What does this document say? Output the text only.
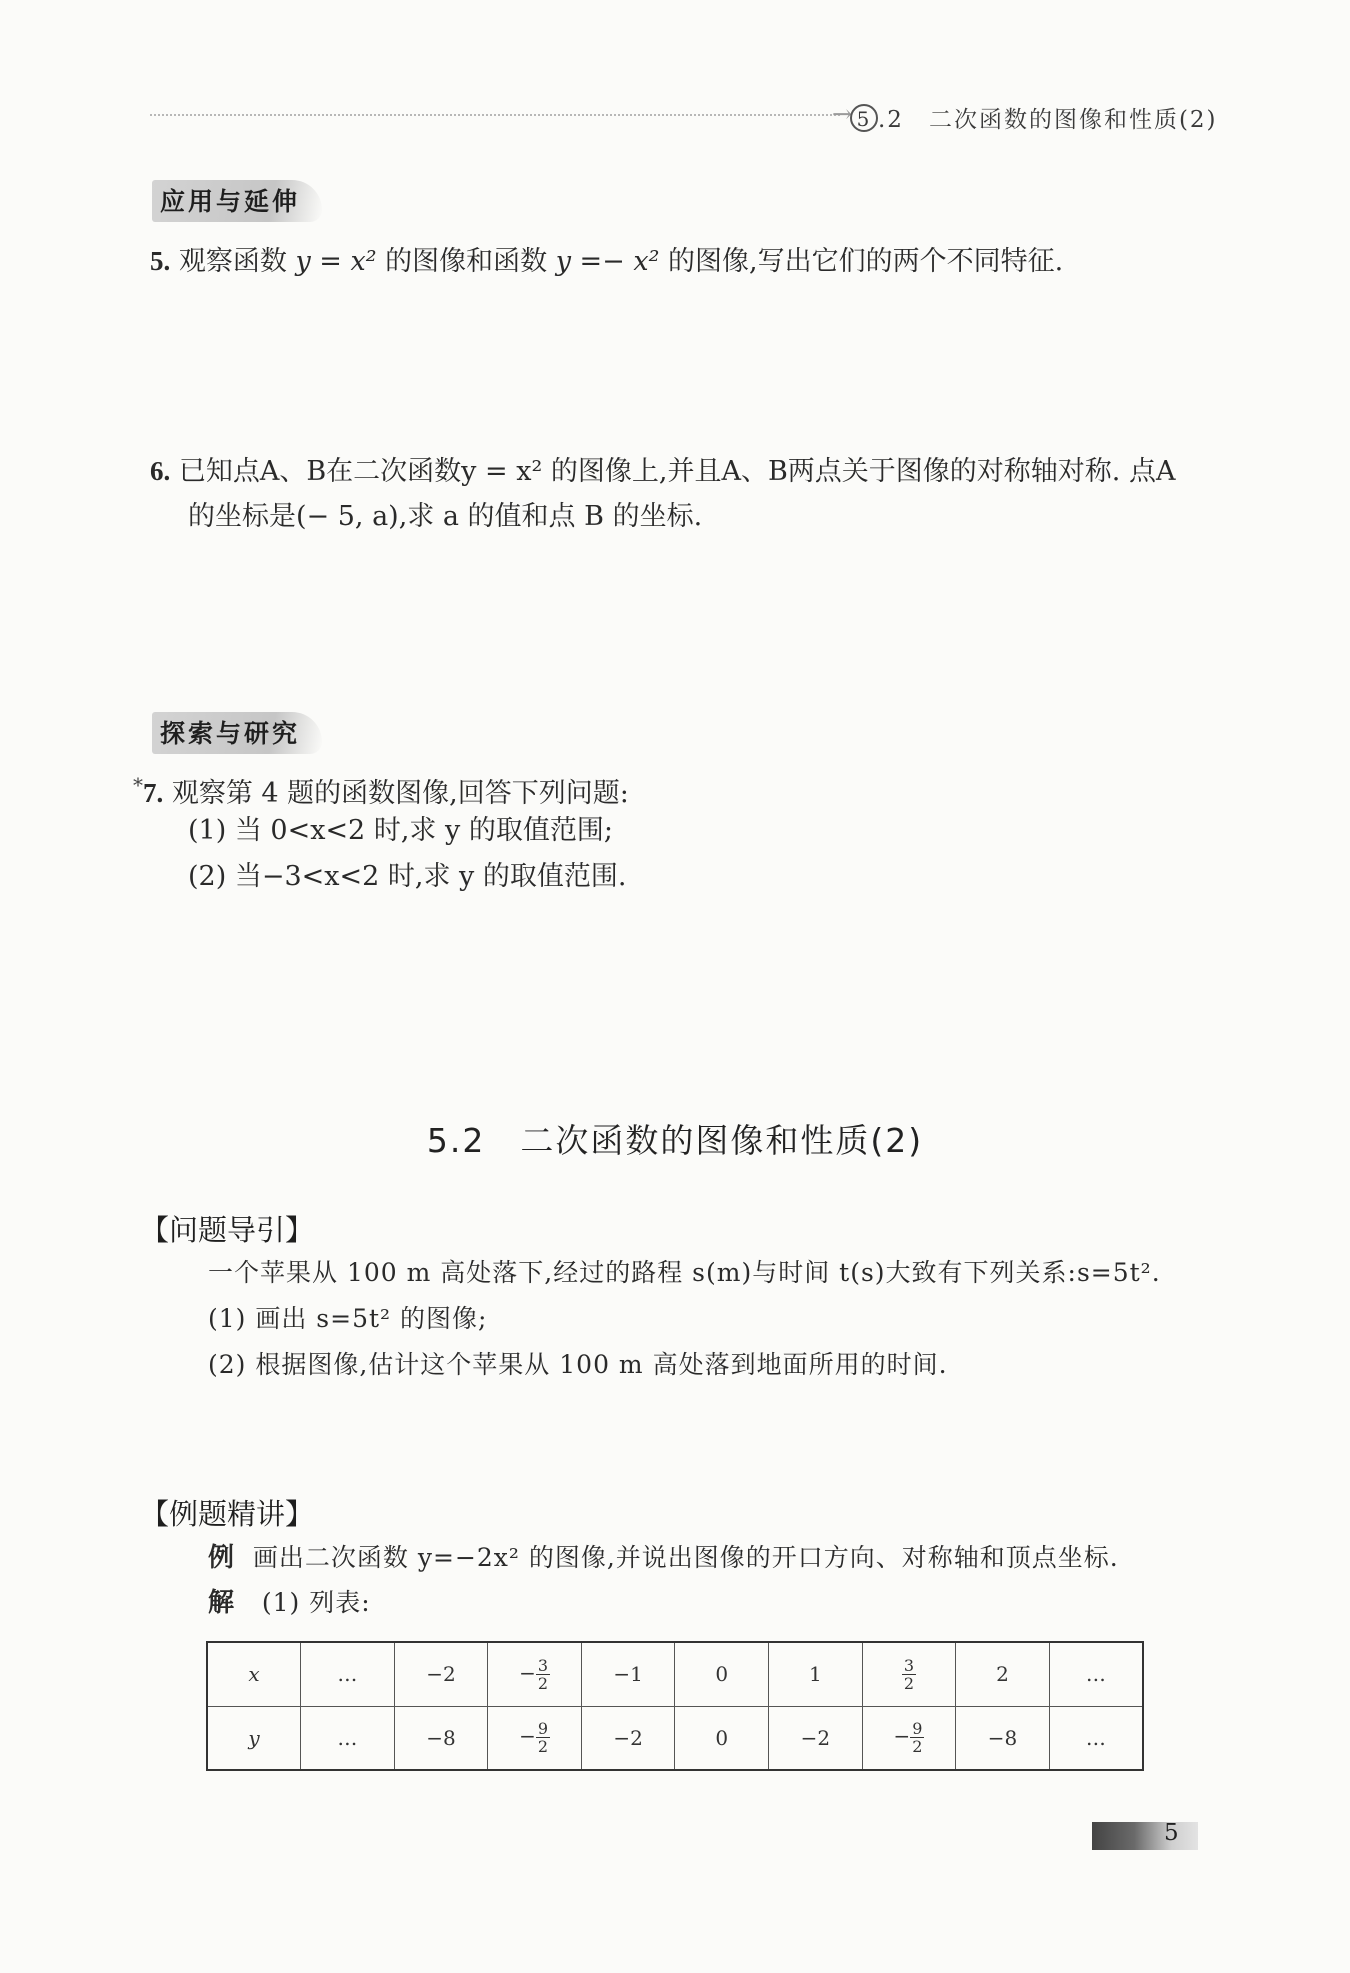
→ 5 .2　二次函数的图像和性质(2)
应用与延伸
5. 观察函数 y = x² 的图像和函数 y =− x² 的图像,写出它们的两个不同特征.
6. 已知点A、B在二次函数y = x² 的图像上,并且A、B两点关于图像的对称轴对称. 点A
的坐标是(− 5, a),求 a 的值和点 B 的坐标.
探索与研究
*7. 观察第 4 题的函数图像,回答下列问题:
(1) 当 0<x<2 时,求 y 的取值范围;
(2) 当−3<x<2 时,求 y 的取值范围.
5.2　二次函数的图像和性质(2)
【问题导引】
一个苹果从 100 m 高处落下,经过的路程 s(m)与时间 t(s)大致有下列关系:s=5t².
(1) 画出 s=5t² 的图像;
(2) 根据图像,估计这个苹果从 100 m 高处落到地面所用的时间.
【例题精讲】
例 画出二次函数 y=−2x² 的图像,并说出图像的开口方向、对称轴和顶点坐标.
解 (1) 列表:
x	…	−2	− $\frac{3}{2}$	−1	0	1	$\frac{3}{2}$	2	…
y	…	−8	− $\frac{9}{2}$	−2	0	−2	− $\frac{9}{2}$	−8	…
5
